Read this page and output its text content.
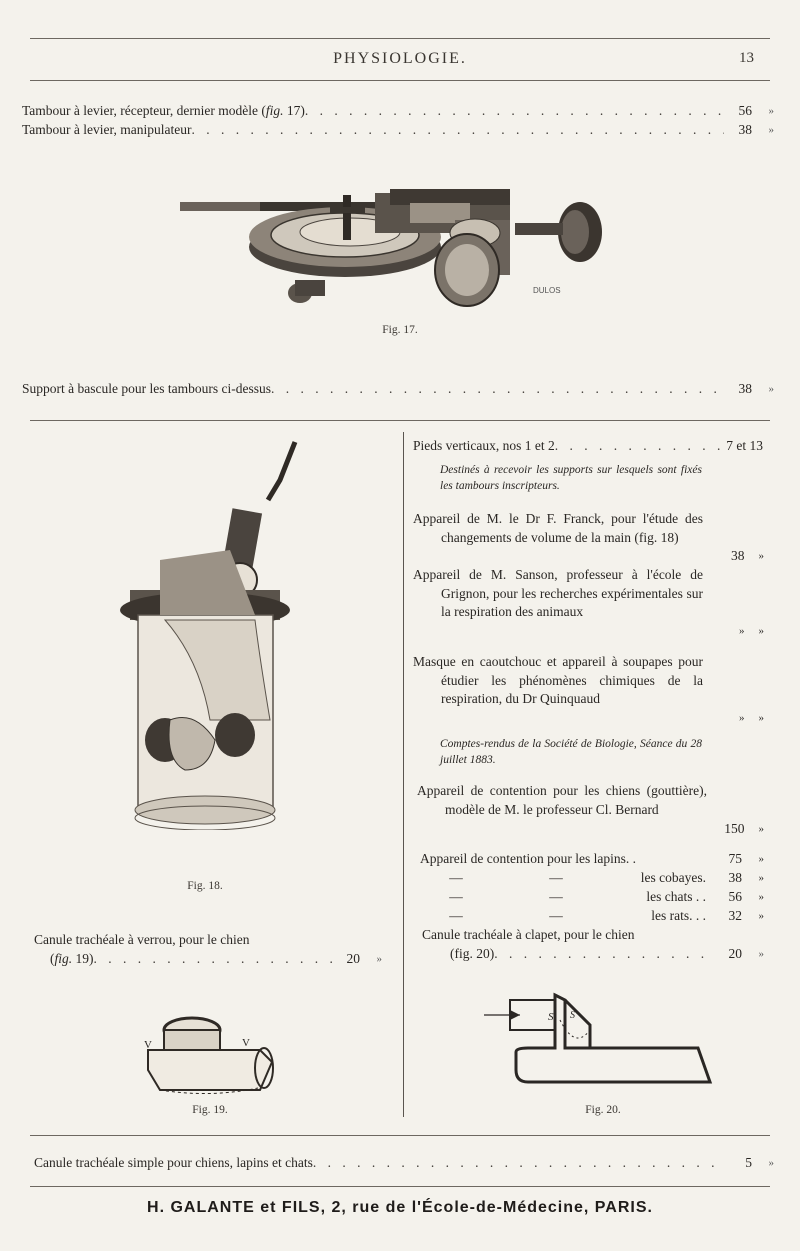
PHYSIOLOGIE.	13
Tambour à levier, récepteur, dernier modèle (fig. 17) . . .	56	»
Tambour à levier, manipulateur . . .	38	»
DULOS
Fig. 17.
Support à bascule pour les tambours ci-dessus . . .	38	»
Fig. 18.
Canule trachéale à verrou, pour le chien
(fig. 19) . . .	20	»
V	V
Fig. 19.
Pieds verticaux, nos 1 et 2 . . .	7 et 13
Destinés à recevoir les supports sur lesquels sont fixés les tambours inscripteurs.
Appareil de M. le Dr F. Franck, pour l'étude des changements de volume de la main (fig. 18)
38 »
Appareil de M. Sanson, professeur à l'école de Grignon, pour les recherches expérimentales sur la respiration des animaux
» »
Masque en caoutchouc et appareil à soupapes pour étudier les phénomènes chimiques de la respiration, du Dr Quinquaud
» »
Comptes-rendus de la Société de Biologie, Séance du 28 juillet 1883.
Appareil de contention pour les chiens (gouttière), modèle de M. le professeur Cl. Bernard
150 »
Appareil de contention pour les lapins. .	75	»
—	—	les cobayes.	38	»
—	—	les chats . .	56	»
—	—	les rats. . .	32	»
Canule trachéale à clapet, pour le chien
(fig. 20) . . .	20	»
S S'
Fig. 20.
Canule trachéale simple pour chiens, lapins et chats . . .	5	»
H. GALANTE et FILS, 2, rue de l'École-de-Médecine, PARIS.
